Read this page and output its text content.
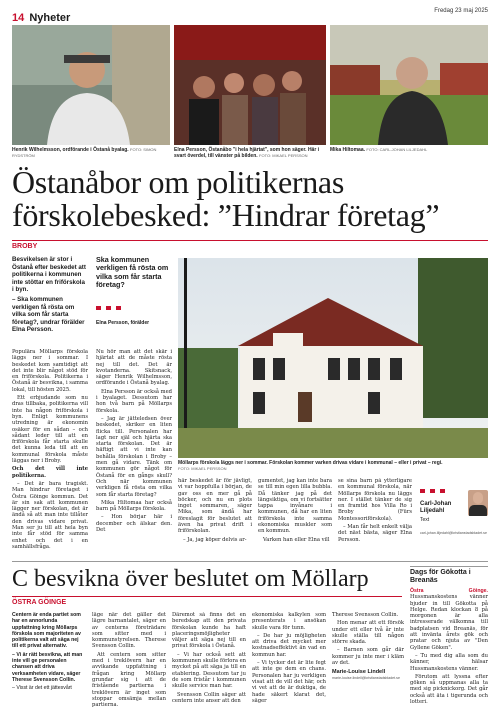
14 Nyheter
Fredag 23 maj 2025
Henrik Wilhelmsson, ordförande i Östanå byalag. FOTO: SIMON RYDSTRÖM
Elna Persson, Östanåbo "i hela hjärtat", som hon säger. Här i svart överdel, till vänster på bilden. FOTO: MIKAEL PERSSON
Mika Hiltomaa. FOTO: CARL-JOHAN LILJEDAHL
Östanåbor om politikernas förskolebesked: ”Hindrar företag”
BROBY

Besvikelsen är stor i Östanå efter beskedet att politikerna i kommunen inte stöttar en friförskola i byn.

– Ska kommunen verkligen få rösta om vilka som får starta företag?, undrar förälder Elna Persson.

Ska kommunen verkligen få rösta om vilka som får starta företag?

Elna Persson, förälder

Populära Möllarps förskola läggs ner i sommar. I beskedet kom samtidigt att det inte blir något stöd för en friförskola. Politikerna i Östanå är besvikna, i samma lokal, till hösten 2025.

Ett erbjudande som nu dras tillbaka, politikerna vill inte ha någon friförskola i byn. Enligt kommunens utredning är ekonomin osäker för en sådan – och sådant leder till att en friförskola får starta skulle det kunna leda till att en kommunal förskola måste läggas ner i Broby.

Och det vill inte politikerna.

– Det är bara tragiskt. Man hindrar företaget i Östra Göinge kommun. Det är sin sak att kommunen lägger ner förskolan, det är ändå så att man inte tillåter den drivas vidare privat. Man ser ju till att hela byn inte får stöd för samma enhet och det i en samhällsfråga.

Nu hör man att det skär i hjärtat att de måste rösta nej till det. Det är kvotanderna. Skitsnack, säger Henrik Wilhelmsson, ordförande i Östanå byalag.

Elna Persson är också med i byalaget. Dessutom har hon två barn på Möllarps förskola.

– Jag är jätteledsen över beskedet, skriker en liten flicka till. Personalen har lagt ner själ och hjärta ska starta förskolan. Det är häftigt att vi inte kan behålla förskolan i Broby – men gå vidare. Tänk om kommunen gör något för Östanå för en gångs skull? Och när kommunen verkligen få rösta om vilka som får starta företag?

Mika Hiltomaa har också barn på Möllarps förskola.

– Hon börjar här i december och älskar den. Det

Möllarps förskola läggs ner i sommar. Förskolan kommer varken drivas vidare i kommunal – eller i privat – regi.
FOTO: MIKAEL PERSSON

här beskedet är för jävligt, vi var hoppfulla i början, de gav oss en mer gå på böcker, och nu en plots inget sommaren, säger Mika, som ändå har föreslagit för beslutet att även ha privat drift i friförskolan.

– Ja, jag köper delvis ar-

gumentet, jag kan inte bara se till min egen lilla bubbla. Då tänker jag på det längsiktiga, om vi fortsätter tappa invånare i kommunen, då har en liten friförskola inte samma ekonomiska muskler som en kommun.

Varken han eller Elna vill

se sina barn på ytterligare en kommunal förskola, när Möllarps förskola nu läggs ner. I stället tänker de sig en framtid hos Villa Ro i Broby (Fürs Montessoriförskola).

– Man får helt enkelt välja det näst bästa, säger Elna Persson.

Carl-Johan Liljedahl
Text
carl-johan.liljedahl@kristianstadsbladet.se
C besvikna över beslutet om Möllarp
ÖSTRA GÖINGE

Centern är enda partiet som har en annorlunda uppfattning kring Möllarps förskola som majoriteten av politikerna valt att säga nej till ett privat alternativ.

– Vi är rätt besvikna, att man inte vill ge personalen chansen att driva verksamheten vidare, säger Therese Svensson Collin.

– Visst är det ett jättesvårt

läge när det gäller det lägre barnantalet, säger en av centerns företrädare som sitter med i kommunstyrelsen. Therese Svensson Collin.

Att centern som sitter med i treklövern har en avvikande uppfattning i frågan kring Möllarp grundar sig i att de fristående partierna i treklövern är inget som stoppar omsämja mellan partierna.

Däremot så finns det en beredskap att den privata förskolan kunde ha haft placeringsmöjligheter väljer att säga nej till en privat förskola i Östanå.

– Vi har också sett att kommunen skulle förlora en mycket på att säga ja till en etablering. Dessutom tar ju de som fristår i kommunen skulle service man har.

Svensson Collin säger att centern inte anser att den

ekonomiska kalkylen som presenterats i ansökan skulle vara för tunn.

– De har ju möjligheten att driva det mycket mer kostnadseffektivt än vad en kommun har.

– Vi tycker det är lite fegt att inte ge dem en chans. Personalen har ju verkligen visat att de vill det här, och vi vet att de är duktiga, de hade säkert klarat det, säger

Therese Svensson Collin.

Hon menar att ett försök under ett eller två år inte skulle ställa till någon större skada.

– Barnen som går där kommer ju inte mer i kläm av det.

Marie-Louise Lindell
marie-louise.lindell@kristianstadsbladet.se
Dags för Gökotta i Breanäs

Östra Göinge. Hussmanskostens vänner bjuder in till Gökotta på Helge. Redan klockan 8 på morgonen är alla intresserade välkomna till badplatsen vid Breanäs, för att invänta årets gök och pratar och njuta av "Den Gyllene Göken".

– Tu med dig alla som du känner, hälsar Hussmanskostens vänner.

Förutom att lyssna efter göken så uppmanas alla ta med sig picknickorg. Det går också att äta i tigerunda och lotteri.
